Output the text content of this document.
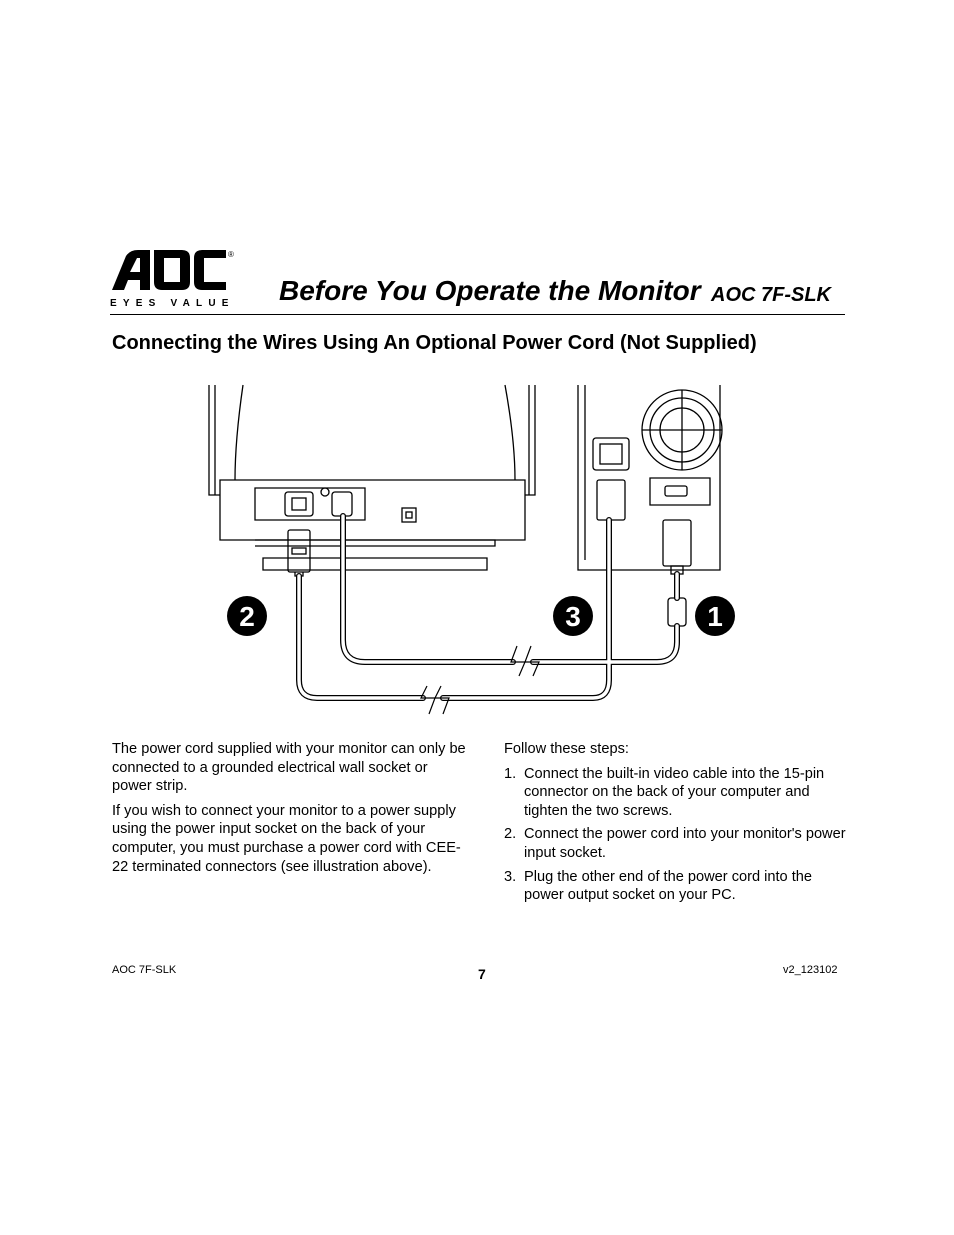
®
EYES VALUE Before You Operate the Monitor AOC 7F-SLK
Connecting the Wires Using An Optional Power Cord (Not Supplied)
2	3	1

The power cord supplied with your monitor can only be connected to a grounded electrical wall socket or power strip.

If you wish to connect your monitor to a power supply using the power input socket on the back of your computer, you must purchase a power cord with CEE-22 terminated connectors (see illustration above).

Follow these steps:

1. Connect the built-in video cable into the 15-pin connector on the back of your computer and tighten the two screws.
2. Connect the power cord into your monitor's power input socket.
3. Plug the other end of the power cord into the power output socket on your PC.
AOC 7F-SLK	7	v2_123102
